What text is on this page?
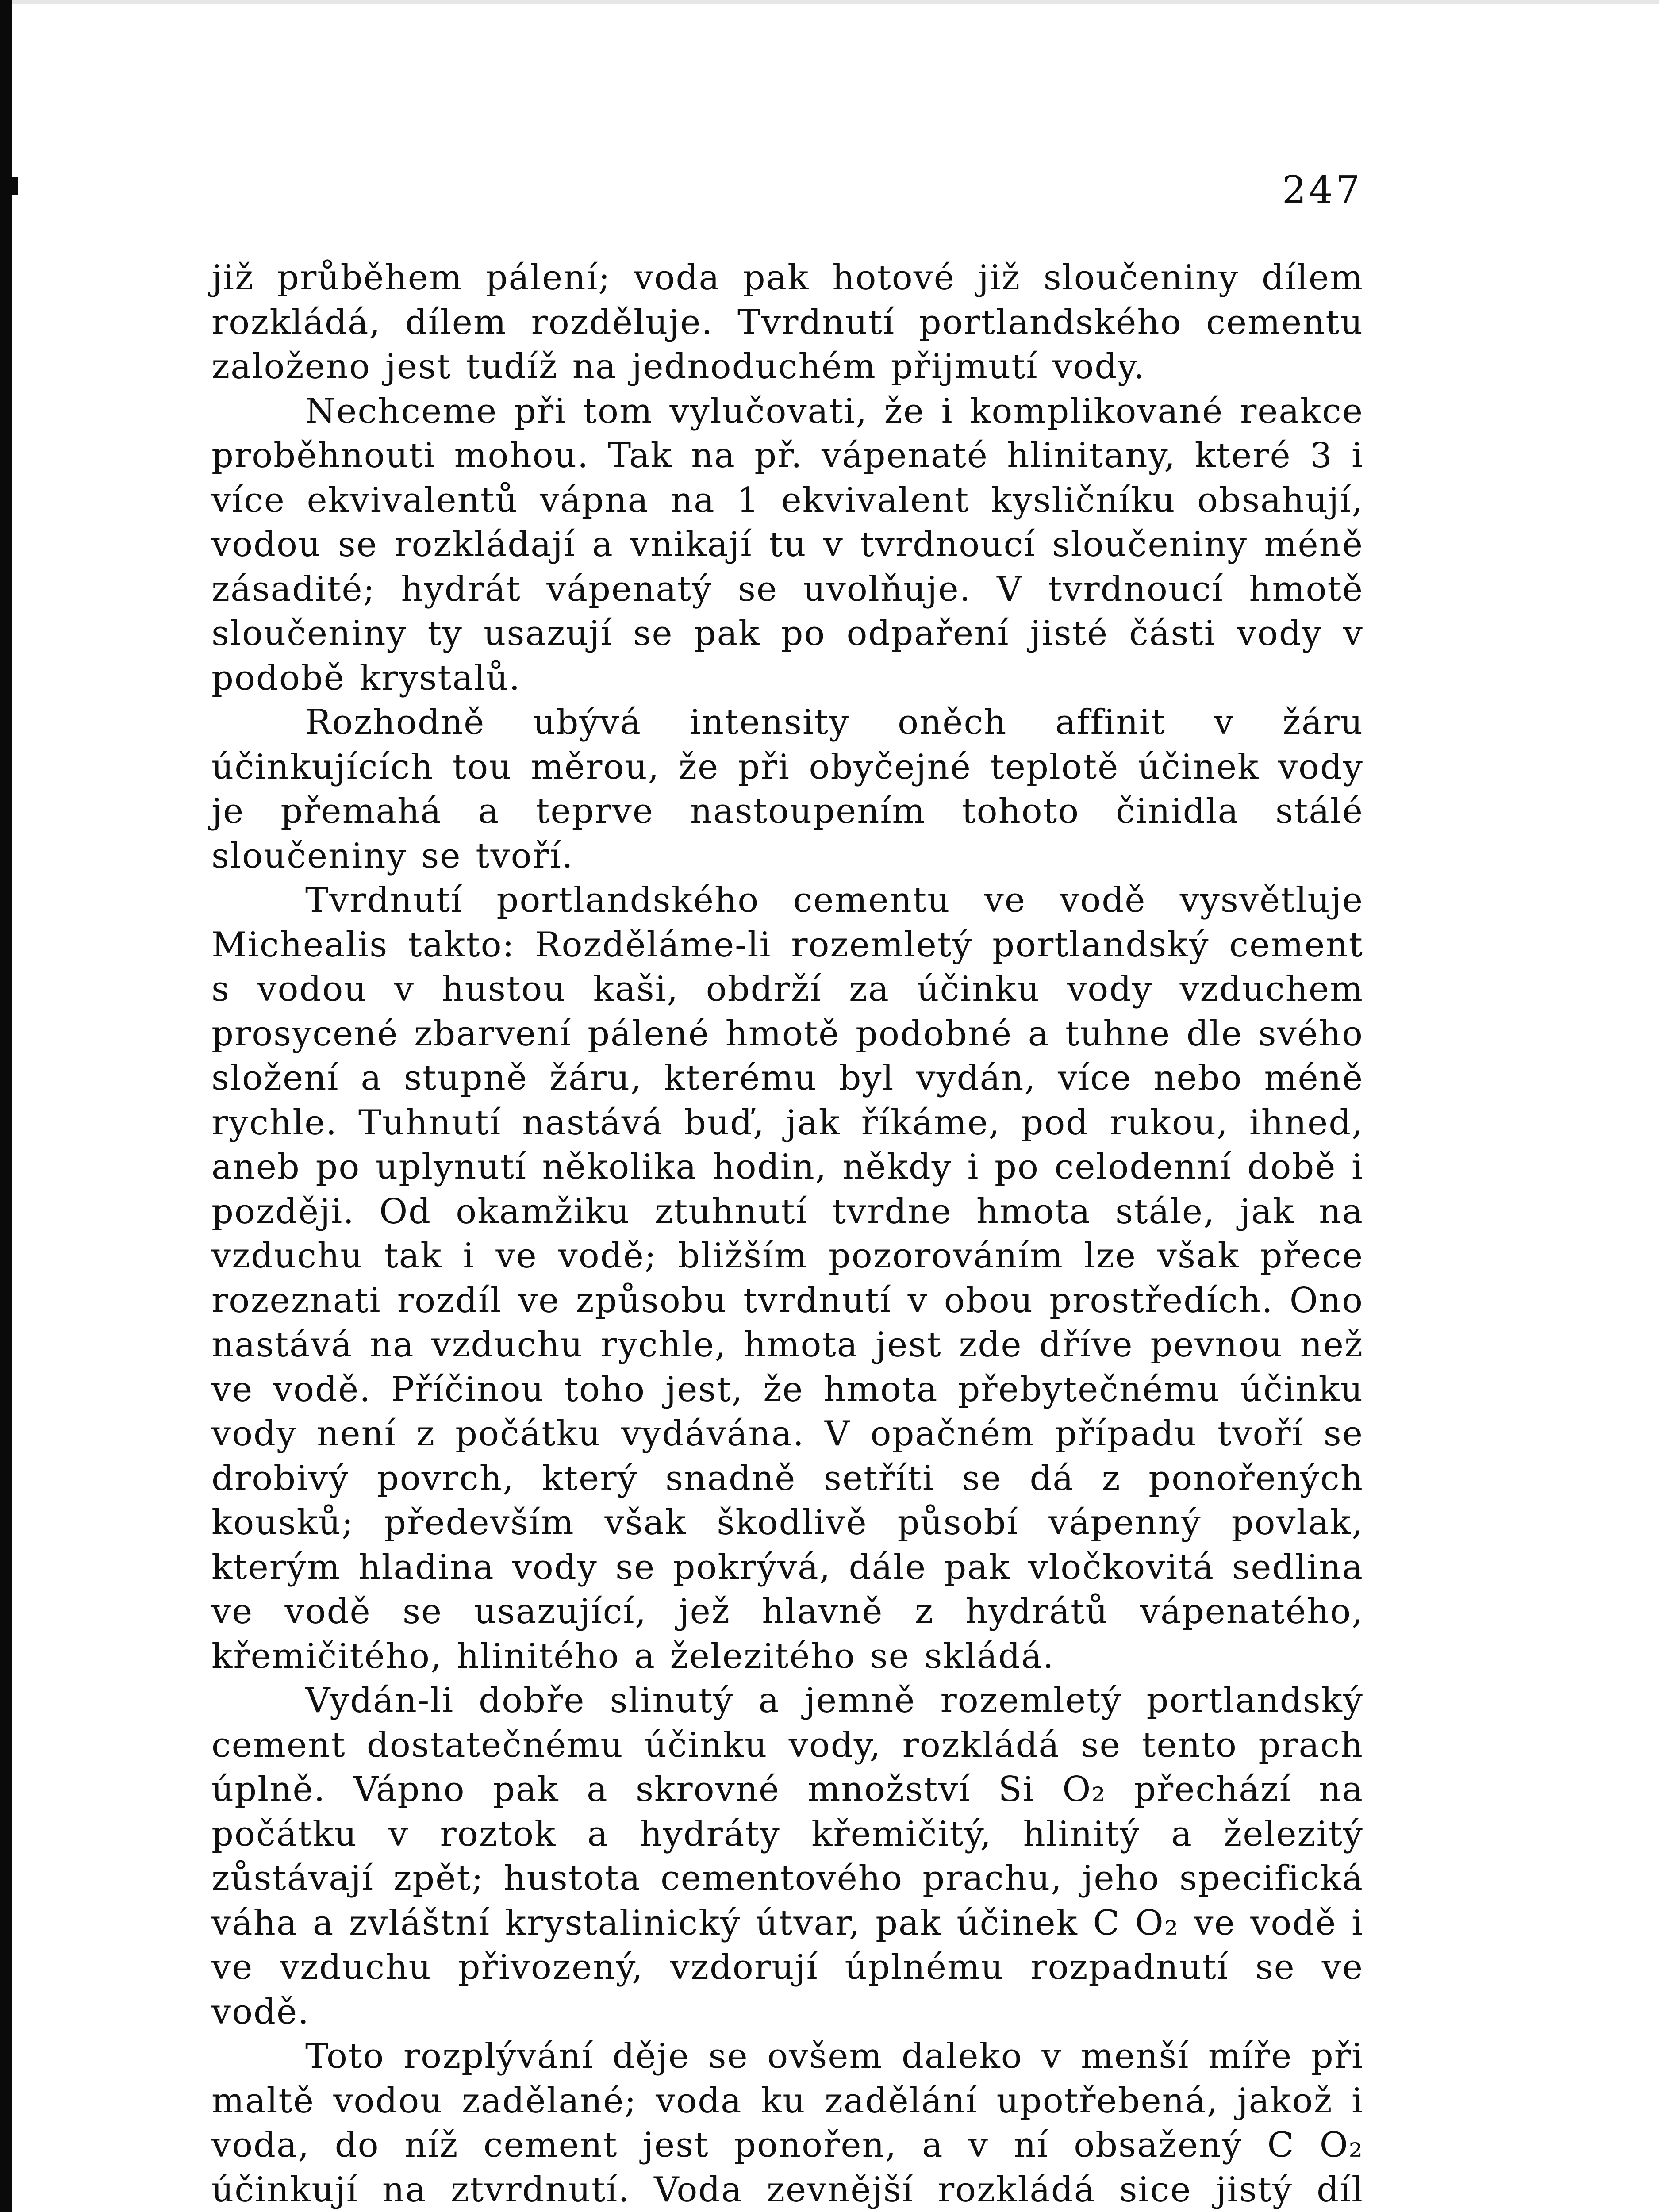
247

již průběhem pálení; voda pak hotové již sloučeniny dílem rozkládá, dílem rozděluje. Tvrdnutí portlandského cementu založeno jest tudíž na jednoduchém přijmutí vody.

Nechceme při tom vylučovati, že i komplikované reakce proběhnouti mohou. Tak na př. vápenaté hlinitany, které 3 i více ekvivalentů vápna na 1 ekvivalent kysličníku obsahují, vodou se rozkládají a vnikají tu v tvrdnoucí sloučeniny méně zásadité; hydrát vápenatý se uvolňuje. V tvrdnoucí hmotě sloučeniny ty usazují se pak po odpaření jisté části vody v podobě krystalů.

Rozhodně ubývá intensity oněch affinit v žáru účinkujících tou měrou, že při obyčejné teplotě účinek vody je přemahá a teprve nastoupením tohoto činidla stálé sloučeniny se tvoří.

Tvrdnutí portlandského cementu ve vodě vysvětluje Michealis takto: Rozděláme-li rozemletý portlandský cement s vodou v hustou kaši, obdrží za účinku vody vzduchem prosycené zbarvení pálené hmotě podobné a tuhne dle svého složení a stupně žáru, kterému byl vydán, více nebo méně rychle. Tuhnutí nastává buď, jak říkáme, pod rukou, ihned, aneb po uplynutí několika hodin, někdy i po celodenní době i později. Od okamžiku ztuhnutí tvrdne hmota stále, jak na vzduchu tak i ve vodě; bližším pozorováním lze však přece rozeznati rozdíl ve způsobu tvrdnutí v obou prostředích. Ono nastává na vzduchu rychle, hmota jest zde dříve pevnou než ve vodě. Příčinou toho jest, že hmota přebytečnému účinku vody není z počátku vydávána. V opačném případu tvoří se drobivý povrch, který snadně setříti se dá z ponořených kousků; především však škodlivě působí vápenný povlak, kterým hladina vody se pokrývá, dále pak vločkovitá sedlina ve vodě se usazující, jež hlavně z hydrátů vápenatého, křemičitého, hlinitého a železitého se skládá.

Vydán-li dobře slinutý a jemně rozemletý portlandský cement dostatečnému účinku vody, rozkládá se tento prach úplně. Vápno pak a skrovné množství Si O₂ přechází na počátku v roztok a hydráty křemičitý, hlinitý a železitý zůstávají zpět; hustota cementového prachu, jeho specifická váha a zvláštní krystalinický útvar, pak účinek C O₂ ve vodě i ve vzduchu přivozený, vzdorují úplnému rozpadnutí se ve vodě.

Toto rozplývání děje se ovšem daleko v menší míře při maltě vodou zadělané; voda ku zadělání upotřebená, jakož i voda, do níž cement jest ponořen, a v ní obsažený C O₂ účinkují na ztvrdnutí. Voda zevnější rozkládá sice jistý díl
